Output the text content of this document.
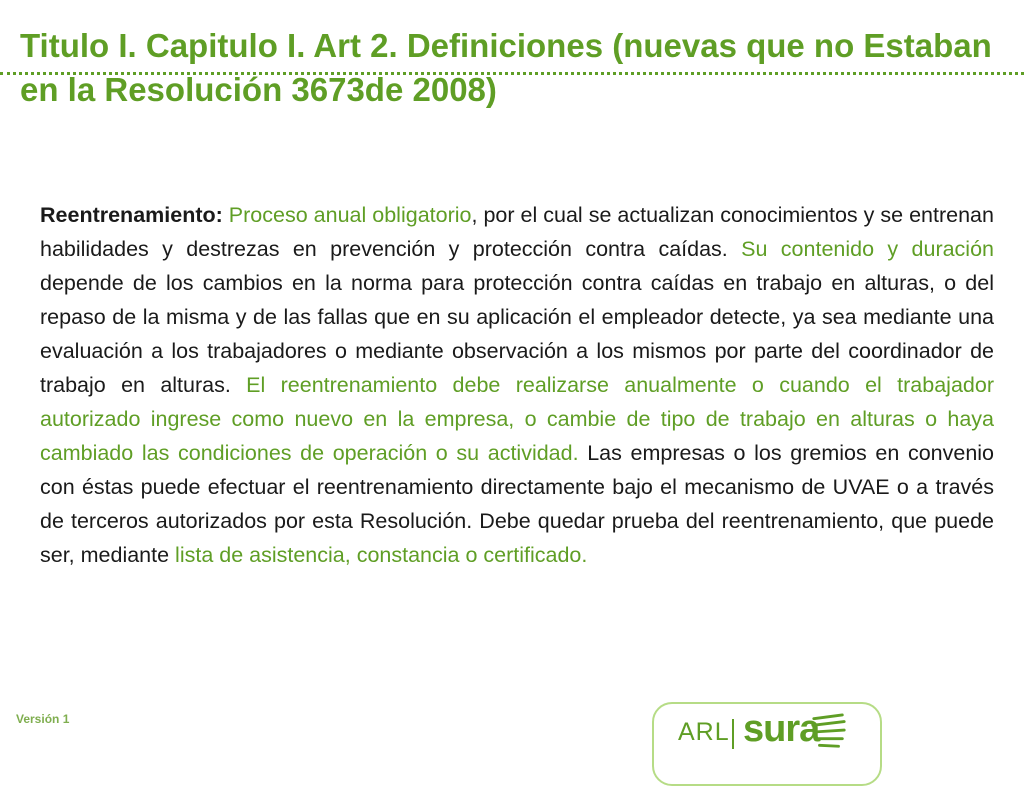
Titulo I. Capitulo I. Art 2. Definiciones (nuevas que no Estaban en la Resolución 3673de 2008)

Reentrenamiento: Proceso anual obligatorio, por el cual se actualizan conocimientos y se entrenan habilidades y destrezas en prevención y protección contra caídas. Su contenido y duración depende de los cambios en la norma para protección contra caídas en trabajo en alturas, o del repaso de la misma y de las fallas que en su aplicación el empleador detecte, ya sea mediante una evaluación a los trabajadores o mediante observación a los mismos por parte del coordinador de trabajo en alturas. El reentrenamiento debe realizarse anualmente o cuando el trabajador autorizado ingrese como nuevo en la empresa, o cambie de tipo de trabajo en alturas o haya cambiado las condiciones de operación o su actividad. Las empresas o los gremios en convenio con éstas puede efectuar el reentrenamiento directamente bajo el mecanismo de UVAE o a través de terceros autorizados por esta Resolución. Debe quedar prueba del reentrenamiento, que puede ser, mediante lista de asistencia, constancia o certificado.

Versión 1	ARL sura
